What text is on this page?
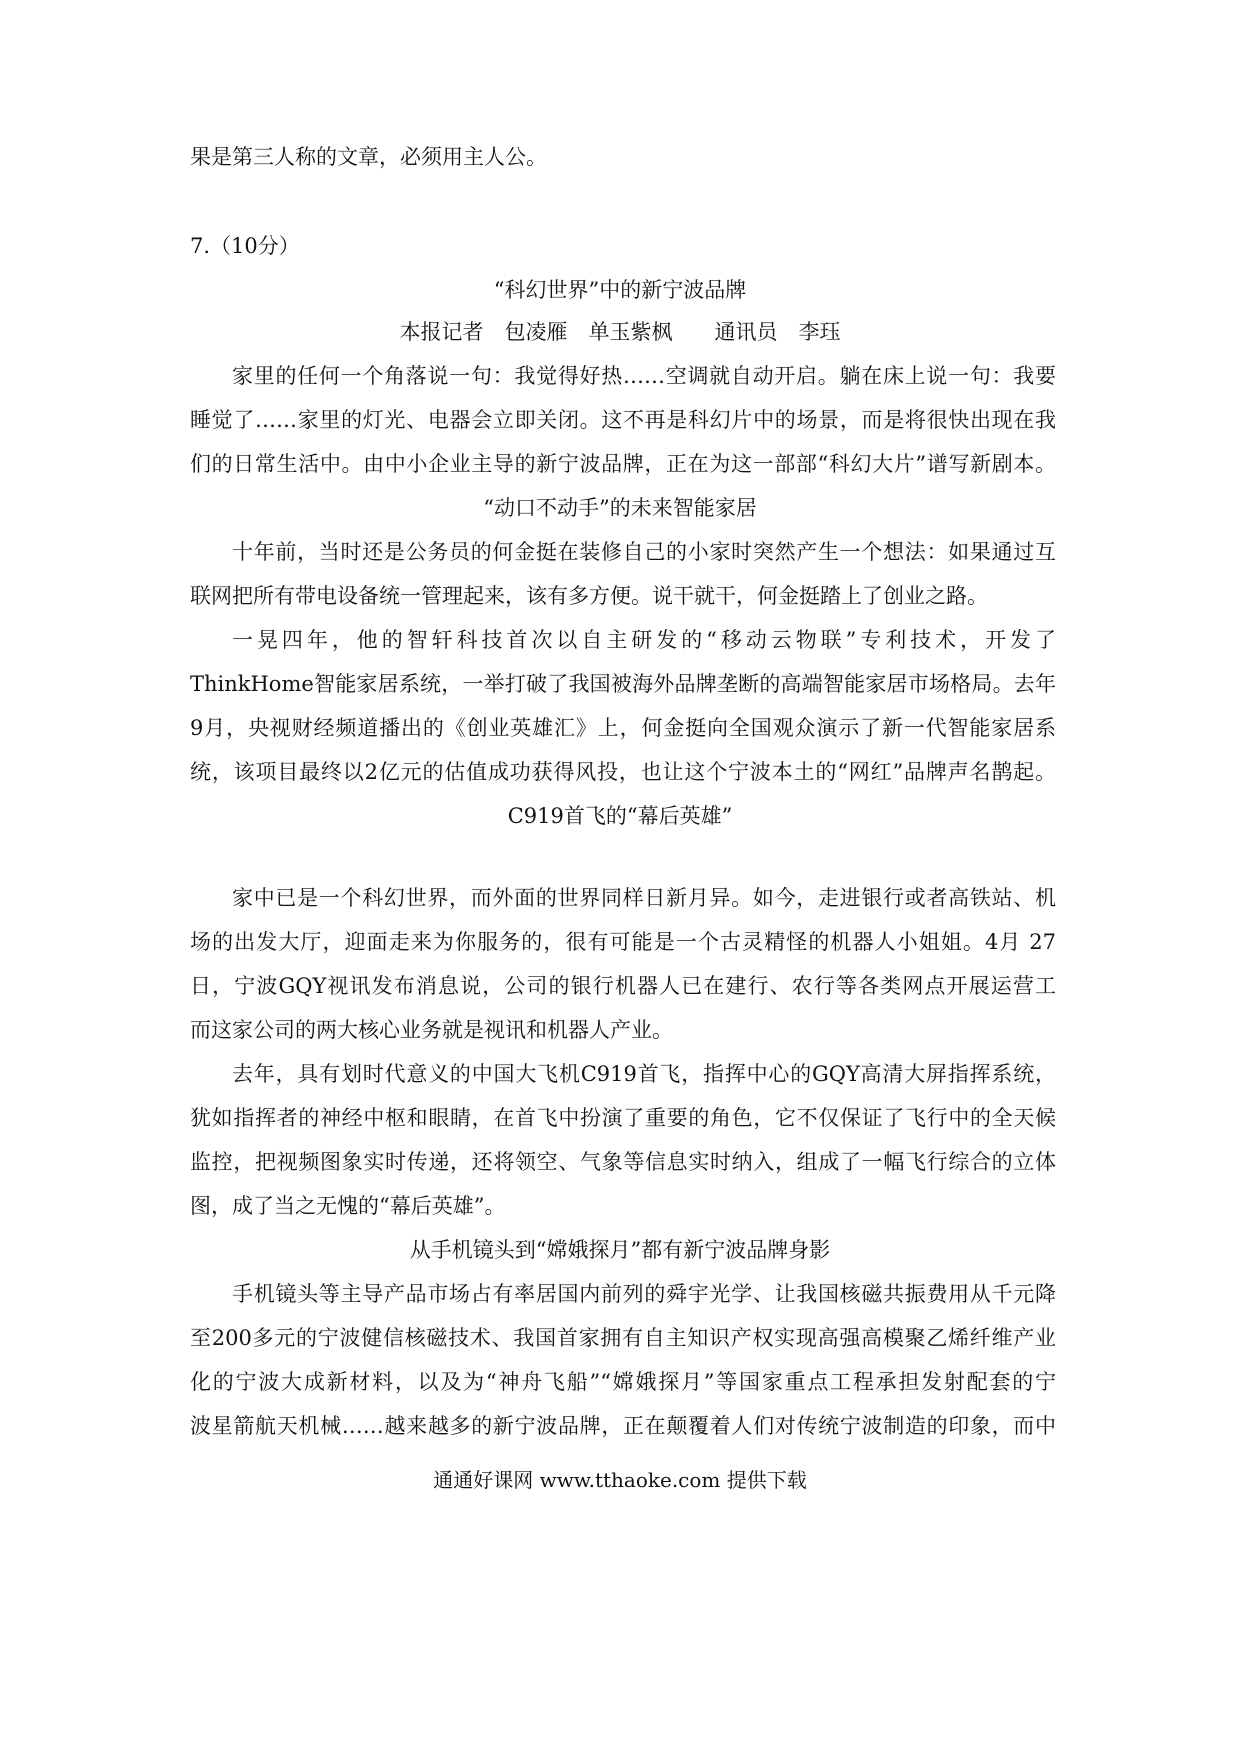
果是第三人称的文章，必须用主人公。
7.（10分）
“科幻世界”中的新宁波品牌
本报记者　包凌雁　单玉紫枫　　通讯员　李珏
家里的任何一个角落说一句：我觉得好热……空调就自动开启。躺在床上说一句：我要
睡觉了……家里的灯光、电器会立即关闭。这不再是科幻片中的场景，而是将很快出现在我
们的日常生活中。由中小企业主导的新宁波品牌，正在为这一部部“科幻大片”谱写新剧本。
“动口不动手”的未来智能家居
十年前，当时还是公务员的何金挺在装修自己的小家时突然产生一个想法：如果通过互
联网把所有带电设备统一管理起来，该有多方便。说干就干，何金挺踏上了创业之路。
一晃四年，他的智轩科技首次以自主研发的“移动云物联”专利技术，开发了
ThinkHome智能家居系统，一举打破了我国被海外品牌垄断的高端智能家居市场格局。去年
9月，央视财经频道播出的《创业英雄汇》上，何金挺向全国观众演示了新一代智能家居系
统，该项目最终以2亿元的估值成功获得风投，也让这个宁波本土的“网红”品牌声名鹊起。
C919首飞的“幕后英雄”
家中已是一个科幻世界，而外面的世界同样日新月异。如今，走进银行或者高铁站、机
场的出发大厅，迎面走来为你服务的，很有可能是一个古灵精怪的机器人小姐姐。4月 27
日，宁波GQY视讯发布消息说，公司的银行机器人已在建行、农行等各类网点开展运营工
而这家公司的两大核心业务就是视讯和机器人产业。
去年，具有划时代意义的中国大飞机C919首飞，指挥中心的GQY高清大屏指挥系统，
犹如指挥者的神经中枢和眼睛，在首飞中扮演了重要的角色，它不仅保证了飞行中的全天候
监控，把视频图象实时传递，还将领空、气象等信息实时纳入，组成了一幅飞行综合的立体
图，成了当之无愧的“幕后英雄”。
从手机镜头到“嫦娥探月”都有新宁波品牌身影
手机镜头等主导产品市场占有率居国内前列的舜宇光学、让我国核磁共振费用从千元降
至200多元的宁波健信核磁技术、我国首家拥有自主知识产权实现高强高模聚乙烯纤维产业
化的宁波大成新材料，以及为“神舟飞船”“嫦娥探月”等国家重点工程承担发射配套的宁
波星箭航天机械……越来越多的新宁波品牌，正在颠覆着人们对传统宁波制造的印象，而中
通通好课网 www.tthaoke.com 提供下载
